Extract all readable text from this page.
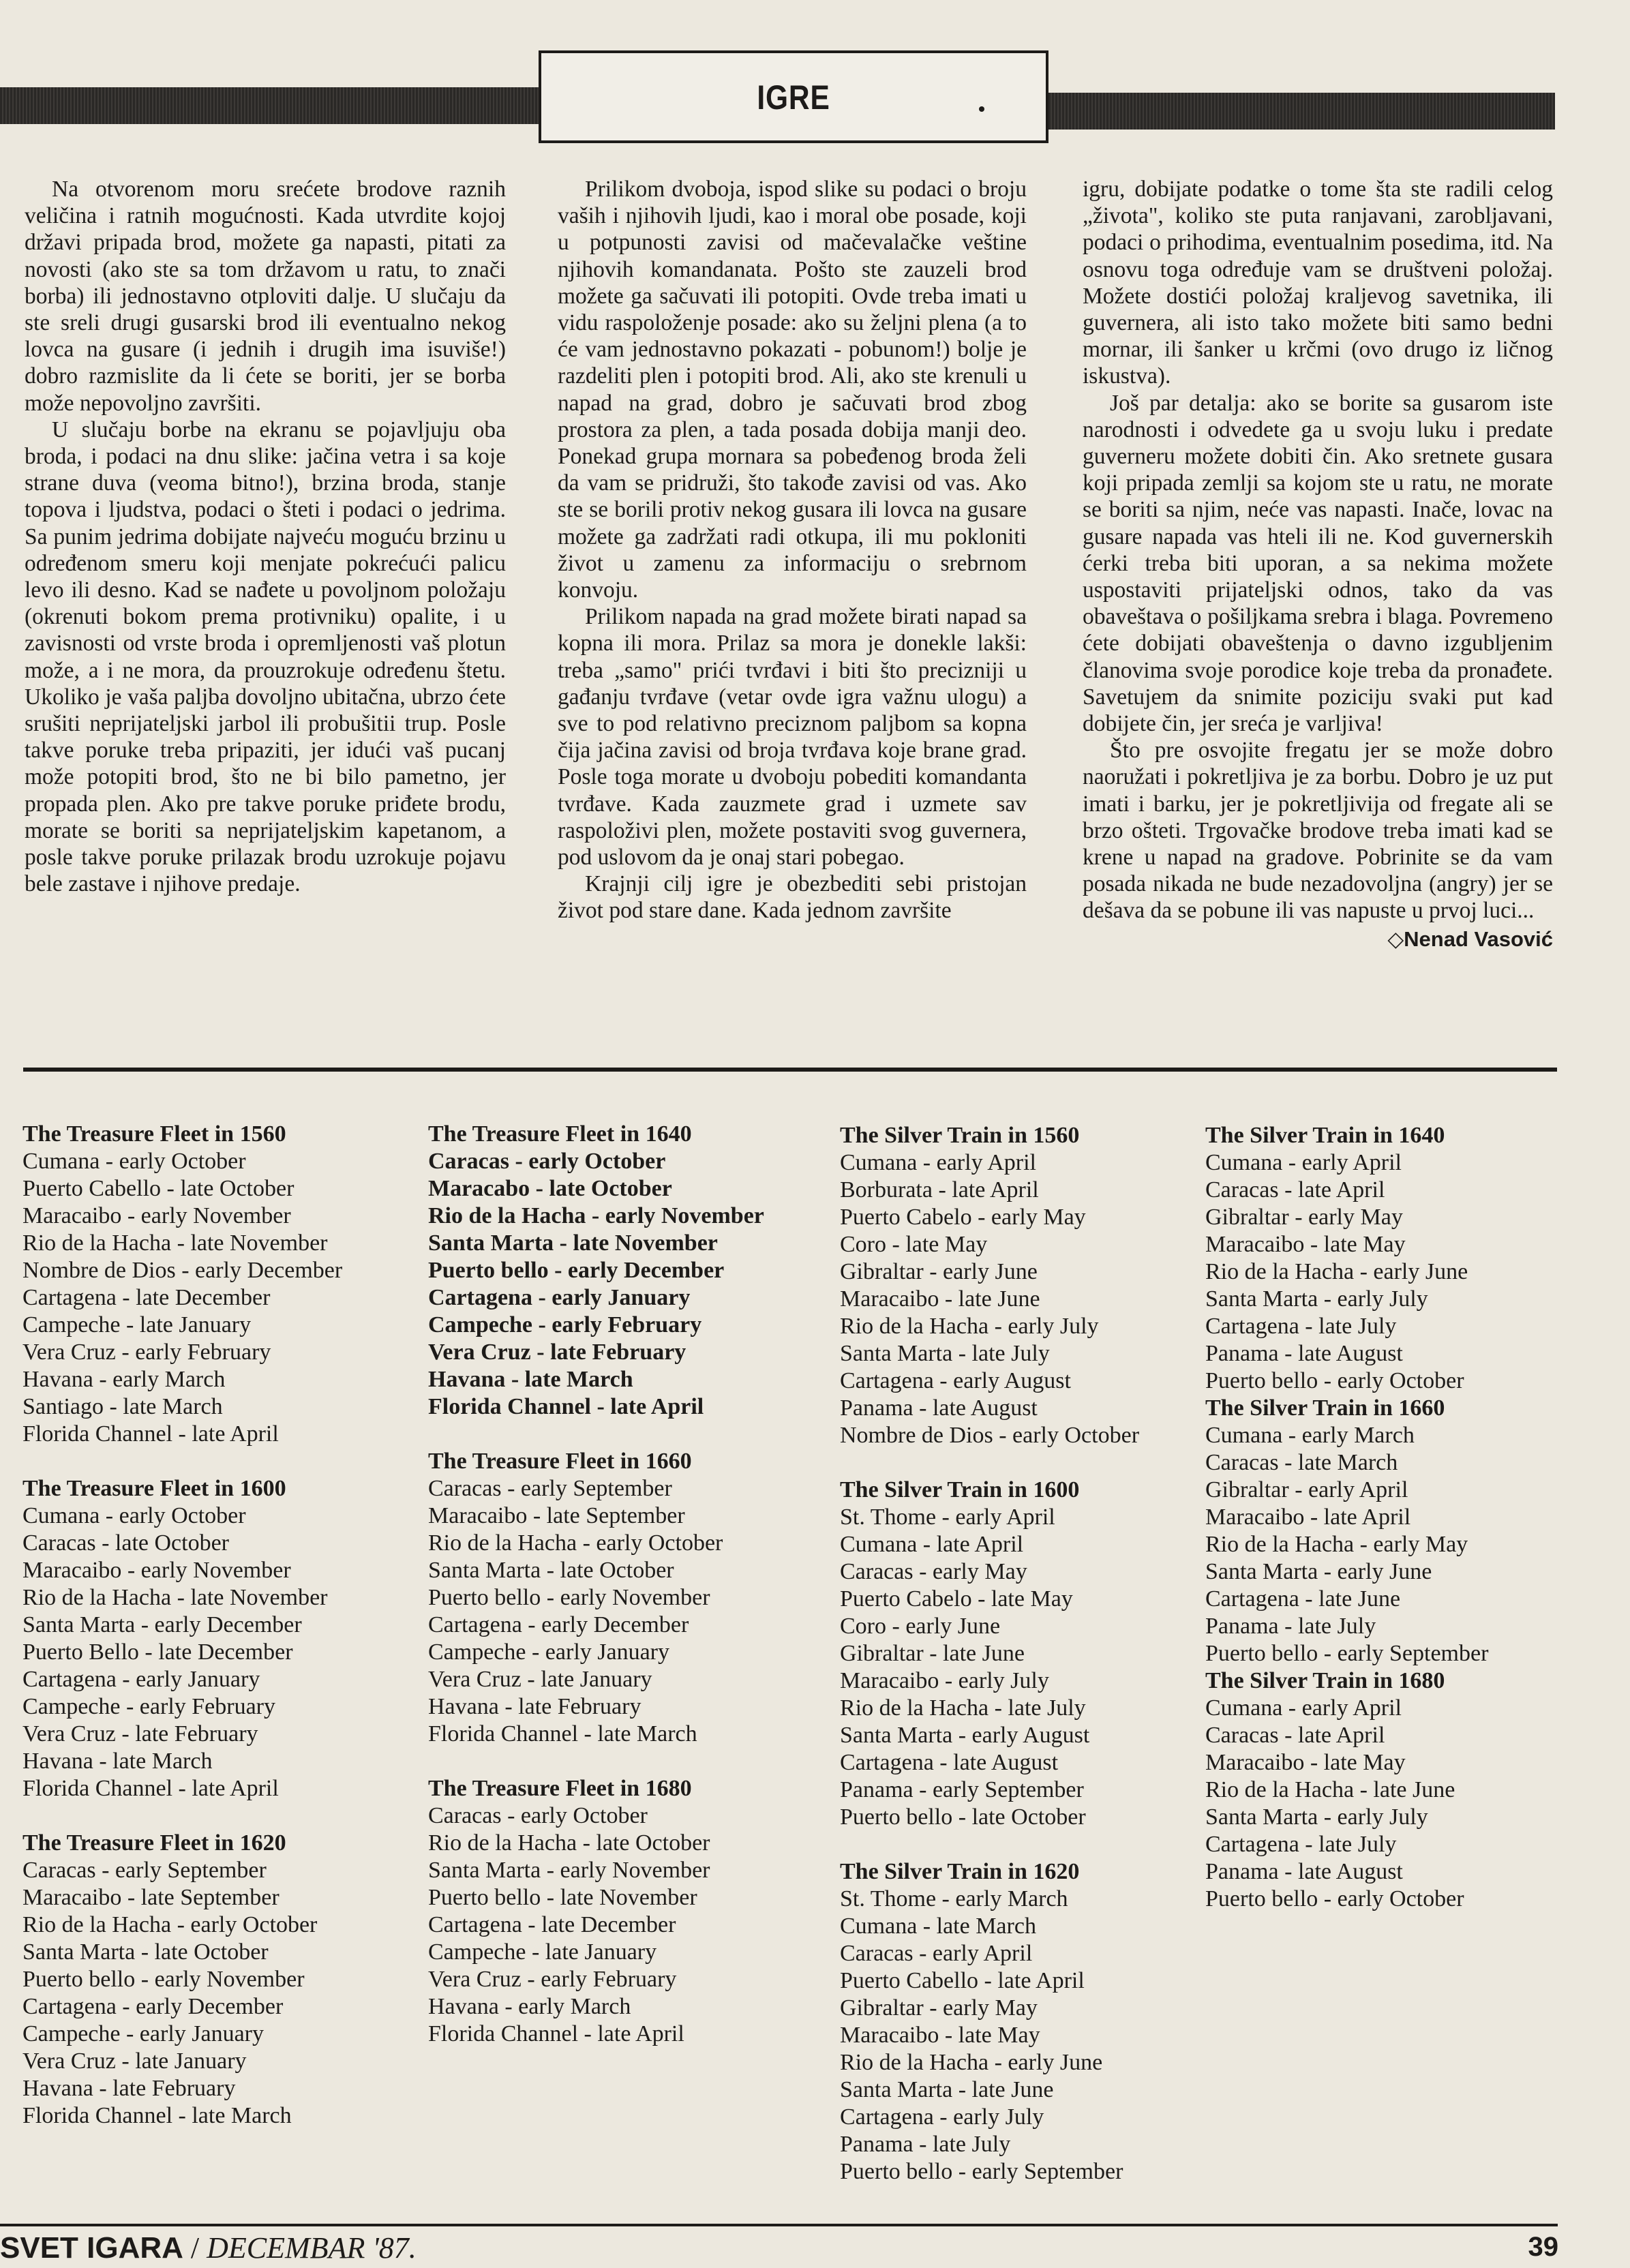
IGRE

Na otvorenom moru srećete brodove raznih veličina i ratnih mogućnosti. Kada utvrdite kojoj državi pripada brod, možete ga napasti, pitati za novosti (ako ste sa tom državom u ratu, to znači borba) ili jednostavno otploviti dalje. U slučaju da ste sreli drugi gusarski brod ili eventualno nekog lovca na gusare (i jednih i drugih ima isuviše!) dobro razmislite da li ćete se boriti, jer se borba može nepovoljno završiti.

U slučaju borbe na ekranu se pojavljuju oba broda, i podaci na dnu slike: jačina vetra i sa koje strane duva (veoma bitno!), brzina broda, stanje topova i ljudstva, podaci o šteti i podaci o jedrima. Sa punim jedrima dobijate najveću moguću brzinu u određenom smeru koji menjate pokrećući palicu levo ili desno. Kad se nađete u povoljnom položaju (okrenuti bokom prema protivniku) opalite, i u zavisnosti od vrste broda i opremljenosti vaš plotun može, a i ne mora, da prouzrokuje određenu štetu. Ukoliko je vaša paljba dovoljno ubitačna, ubrzo ćete srušiti neprijateljski jarbol ili probušitii trup. Posle takve poruke treba pripaziti, jer idući vaš pucanj može potopiti brod, što ne bi bilo pametno, jer propada plen. Ako pre takve poruke priđete brodu, morate se boriti sa neprijateljskim kapetanom, a posle takve poruke prilazak brodu uzrokuje pojavu bele zastave i njihove predaje.

Prilikom dvoboja, ispod slike su podaci o broju vaših i njihovih ljudi, kao i moral obe posade, koji u potpunosti zavisi od mačevalačke veštine njihovih komandanata. Pošto ste zauzeli brod možete ga sačuvati ili potopiti. Ovde treba imati u vidu raspoloženje posade: ako su željni plena (a to će vam jednostavno pokazati - pobunom!) bolje je razdeliti plen i potopiti brod. Ali, ako ste krenuli u napad na grad, dobro je sačuvati brod zbog prostora za plen, a tada posada dobija manji deo. Ponekad grupa mornara sa pobeđenog broda želi da vam se pridruži, što takođe zavisi od vas. Ako ste se borili protiv nekog gusara ili lovca na gusare možete ga zadržati radi otkupa, ili mu pokloniti život u zamenu za informaciju o srebrnom konvoju.

Prilikom napada na grad možete birati napad sa kopna ili mora. Prilaz sa mora je donekle lakši: treba „samo" prići tvrđavi i biti što precizniji u gađanju tvrđave (vetar ovde igra važnu ulogu) a sve to pod relativno preciznom paljbom sa kopna čija jačina zavisi od broja tvrđava koje brane grad. Posle toga morate u dvoboju pobediti komandanta tvrđave. Kada zauzmete grad i uzmete sav raspoloživi plen, možete postaviti svog guvernera, pod uslovom da je onaj stari pobegao.

Krajnji cilj igre je obezbediti sebi pristojan život pod stare dane. Kada jednom završite

igru, dobijate podatke o tome šta ste radili celog „života", koliko ste puta ranjavani, zarobljavani, podaci o prihodima, eventualnim posedima, itd. Na osnovu toga određuje vam se društveni položaj. Možete dostići položaj kraljevog savetnika, ili guvernera, ali isto tako možete biti samo bedni mornar, ili šanker u krčmi (ovo drugo iz ličnog iskustva).

Još par detalja: ako se borite sa gusarom iste narodnosti i odvedete ga u svoju luku i predate guverneru možete dobiti čin. Ako sretnete gusara koji pripada zemlji sa kojom ste u ratu, ne morate se boriti sa njim, neće vas napasti. Inače, lovac na gusare napada vas hteli ili ne. Kod guvernerskih ćerki treba biti uporan, a sa nekima možete uspostaviti prijateljski odnos, tako da vas obaveštava o pošiljkama srebra i blaga. Povremeno ćete dobijati obaveštenja o davno izgubljenim članovima svoje porodice koje treba da pronađete. Savetujem da snimite poziciju svaki put kad dobijete čin, jer sreća je varljiva!

Što pre osvojite fregatu jer se može dobro naoružati i pokretljiva je za borbu. Dobro je uz put imati i barku, jer je pokretljivija od fregate ali se brzo ošteti. Trgovačke brodove treba imati kad se krene u napad na gradove. Pobrinite se da vam posada nikada ne bude nezadovoljna (angry) jer se dešava da se pobune ili vas napuste u prvoj luci...

◇Nenad Vasović
The Treasure Fleet in 1560
Cumana - early October
Puerto Cabello - late October
Maracaibo - early November
Rio de la Hacha - late November
Nombre de Dios - early December
Cartagena - late December
Campeche - late January
Vera Cruz - early February
Havana - early March
Santiago - late March
Florida Channel - late April
The Treasure Fleet in 1600
Cumana - early October
Caracas - late October
Maracaibo - early November
Rio de la Hacha - late November
Santa Marta - early December
Puerto Bello - late December
Cartagena - early January
Campeche - early February
Vera Cruz - late February
Havana - late March
Florida Channel - late April
The Treasure Fleet in 1620
Caracas - early September
Maracaibo - late September
Rio de la Hacha - early October
Santa Marta - late October
Puerto bello - early November
Cartagena - early December
Campeche - early January
Vera Cruz - late January
Havana - late February
Florida Channel - late March
The Treasure Fleet in 1640
Caracas - early October
Maracabo - late October
Rio de la Hacha - early November
Santa Marta - late November
Puerto bello - early December
Cartagena - early January
Campeche - early February
Vera Cruz - late February
Havana - late March
Florida Channel - late April
The Treasure Fleet in 1660
Caracas - early September
Maracaibo - late September
Rio de la Hacha - early October
Santa Marta - late October
Puerto bello - early November
Cartagena - early December
Campeche - early January
Vera Cruz - late January
Havana - late February
Florida Channel - late March
The Treasure Fleet in 1680
Caracas - early October
Rio de la Hacha - late October
Santa Marta - early November
Puerto bello - late November
Cartagena - late December
Campeche - late January
Vera Cruz - early February
Havana - early March
Florida Channel - late April
The Silver Train in 1560
Cumana - early April
Borburata - late April
Puerto Cabelo - early May
Coro - late May
Gibraltar - early June
Maracaibo - late June
Rio de la Hacha - early July
Santa Marta - late July
Cartagena - early August
Panama - late August
Nombre de Dios - early October
The Silver Train in 1600
St. Thome - early April
Cumana - late April
Caracas - early May
Puerto Cabelo - late May
Coro - early June
Gibraltar - late June
Maracaibo - early July
Rio de la Hacha - late July
Santa Marta - early August
Cartagena - late August
Panama - early September
Puerto bello - late October
The Silver Train in 1620
St. Thome - early March
Cumana - late March
Caracas - early April
Puerto Cabello - late April
Gibraltar - early May
Maracaibo - late May
Rio de la Hacha - early June
Santa Marta - late June
Cartagena - early July
Panama - late July
Puerto bello - early September
The Silver Train in 1640
Cumana - early April
Caracas - late April
Gibraltar - early May
Maracaibo - late May
Rio de la Hacha - early June
Santa Marta - early July
Cartagena - late July
Panama - late August
Puerto bello - early October
The Silver Train in 1660
Cumana - early March
Caracas - late March
Gibraltar - early April
Maracaibo - late April
Rio de la Hacha - early May
Santa Marta - early June
Cartagena - late June
Panama - late July
Puerto bello - early September
The Silver Train in 1680
Cumana - early April
Caracas - late April
Maracaibo - late May
Rio de la Hacha - late June
Santa Marta - early July
Cartagena - late July
Panama - late August
Puerto bello - early October
SVET IGARA / DECEMBAR '87.	39
